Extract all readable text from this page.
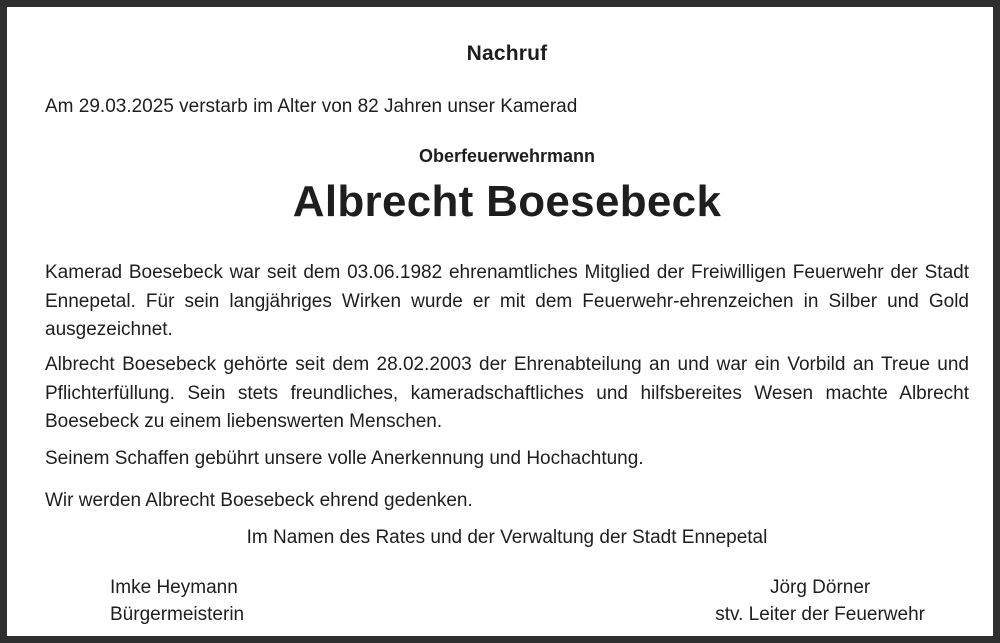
Nachruf
Am 29.03.2025 verstarb im Alter von 82 Jahren unser Kamerad
Oberfeuerwehrmann
Albrecht Boesebeck
Kamerad Boesebeck war seit dem 03.06.1982 ehrenamtliches Mitglied der Freiwilligen Feuerwehr der Stadt Ennepetal. Für sein langjähriges Wirken wurde er mit dem Feuerwehr-ehrenzeichen in Silber und Gold ausgezeichnet.
Albrecht Boesebeck gehörte seit dem 28.02.2003 der Ehrenabteilung an und war ein Vorbild an Treue und Pflichterfüllung. Sein stets freundliches, kameradschaftliches und hilfsbereites Wesen machte Albrecht Boesebeck zu einem liebenswerten Menschen.
Seinem Schaffen gebührt unsere volle Anerkennung und Hochachtung.
Wir werden Albrecht Boesebeck ehrend gedenken.
Im Namen des Rates und der Verwaltung der Stadt Ennepetal
Imke Heymann
Bürgermeisterin
Jörg Dörner
stv. Leiter der Feuerwehr
